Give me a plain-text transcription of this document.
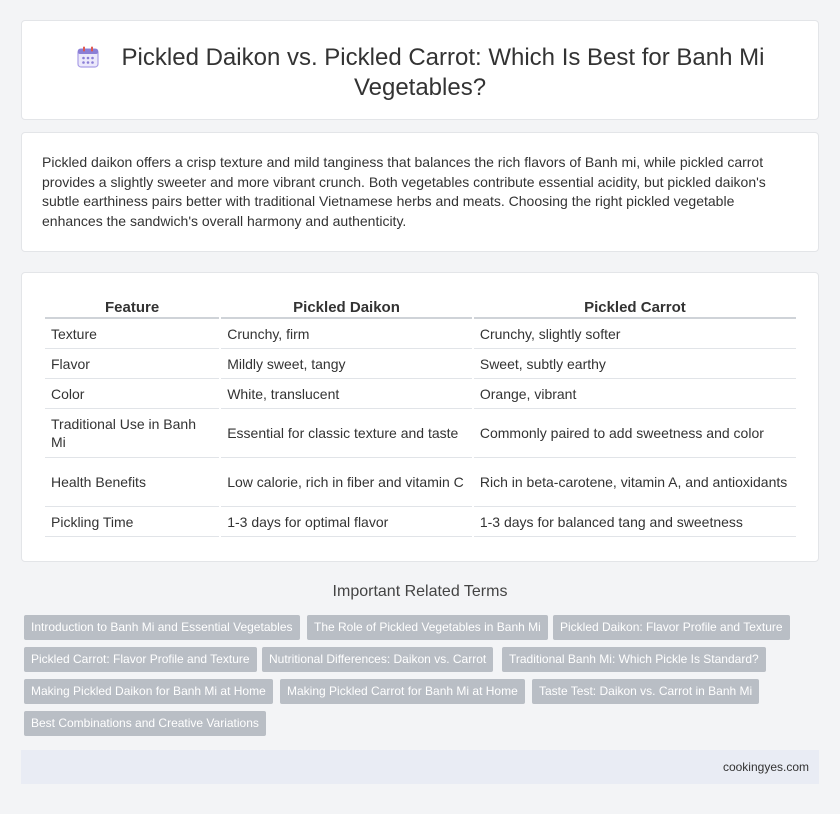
Pickled Daikon vs. Pickled Carrot: Which Is Best for Banh Mi Vegetables?

Pickled daikon offers a crisp texture and mild tanginess that balances the rich flavors of Banh mi, while pickled carrot provides a slightly sweeter and more vibrant crunch. Both vegetables contribute essential acidity, but pickled daikon's subtle earthiness pairs better with traditional Vietnamese herbs and meats. Choosing the right pickled vegetable enhances the sandwich's overall harmony and authenticity.

Feature	Pickled Daikon	Pickled Carrot
Texture	Crunchy, firm	Crunchy, slightly softer
Flavor	Mildly sweet, tangy	Sweet, subtly earthy
Color	White, translucent	Orange, vibrant
Traditional Use in Banh Mi	Essential for classic texture and taste	Commonly paired to add sweetness and color
Health Benefits	Low calorie, rich in fiber and vitamin C	Rich in beta-carotene, vitamin A, and antioxidants
Pickling Time	1-3 days for optimal flavor	1-3 days for balanced tang and sweetness
Important Related Terms
Introduction to Banh Mi and Essential Vegetables	The Role of Pickled Vegetables in Banh Mi	Pickled Daikon: Flavor Profile and Texture
Pickled Carrot: Flavor Profile and Texture	Nutritional Differences: Daikon vs. Carrot	Traditional Banh Mi: Which Pickle Is Standard?
Making Pickled Daikon for Banh Mi at Home	Making Pickled Carrot for Banh Mi at Home	Taste Test: Daikon vs. Carrot in Banh Mi
Best Combinations and Creative Variations
cookingyes.com
